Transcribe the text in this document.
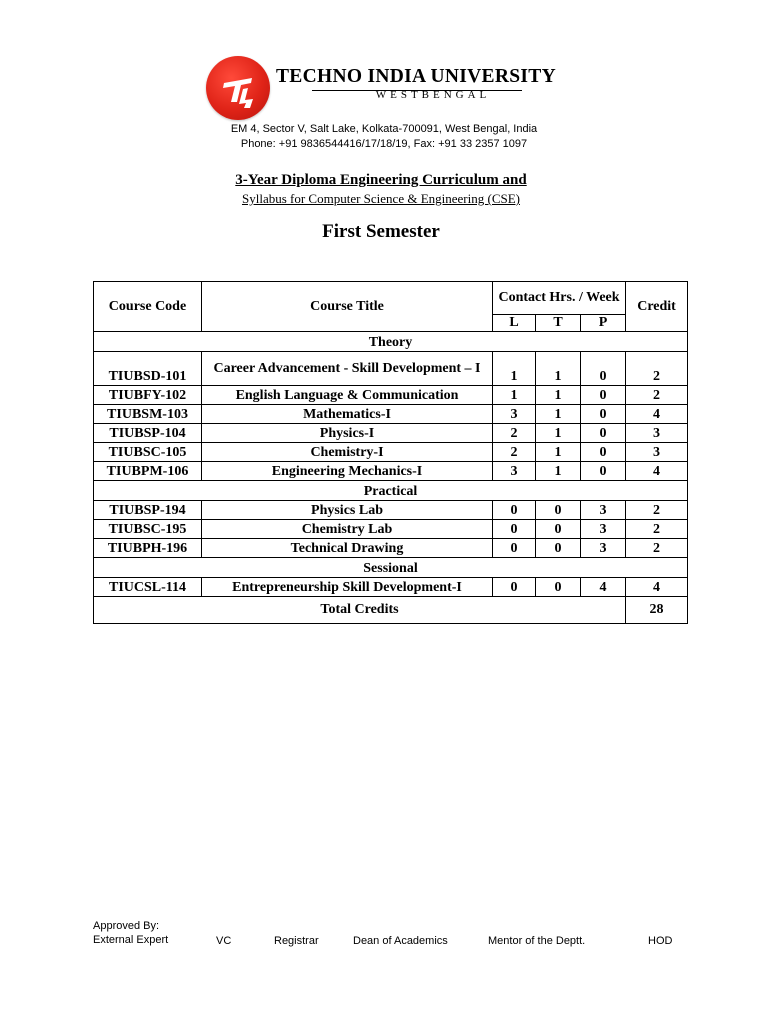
TECHNO INDIA UNIVERSITY
WESTBENGAL
EM 4, Sector V, Salt Lake, Kolkata-700091, West Bengal, India
Phone: +91 9836544416/17/18/19, Fax: +91 33 2357 1097
3-Year Diploma Engineering Curriculum and
Syllabus for Computer Science & Engineering (CSE)
First Semester
Course Code	Course Title	Contact Hrs. / Week			Credit
		L	T	P	
Theory					
TIUBSD-101	Career Advancement - Skill Development – I	1	1	0	2
TIUBFY-102	English Language & Communication	1	1	0	2
TIUBSM-103	Mathematics-I	3	1	0	4
TIUBSP-104	Physics-I	2	1	0	3
TIUBSC-105	Chemistry-I	2	1	0	3
TIUBPM-106	Engineering Mechanics-I	3	1	0	4
Practical					
TIUBSP-194	Physics Lab	0	0	3	2
TIUBSC-195	Chemistry Lab	0	0	3	2
TIUBPH-196	Technical Drawing	0	0	3	2
Sessional					
TIUCSL-114	Entrepreneurship Skill Development-I	0	0	4	4
Total Credits					28
Approved By:
External Expert	VC	Registrar	Dean of Academics	Mentor of the Deptt.	HOD
